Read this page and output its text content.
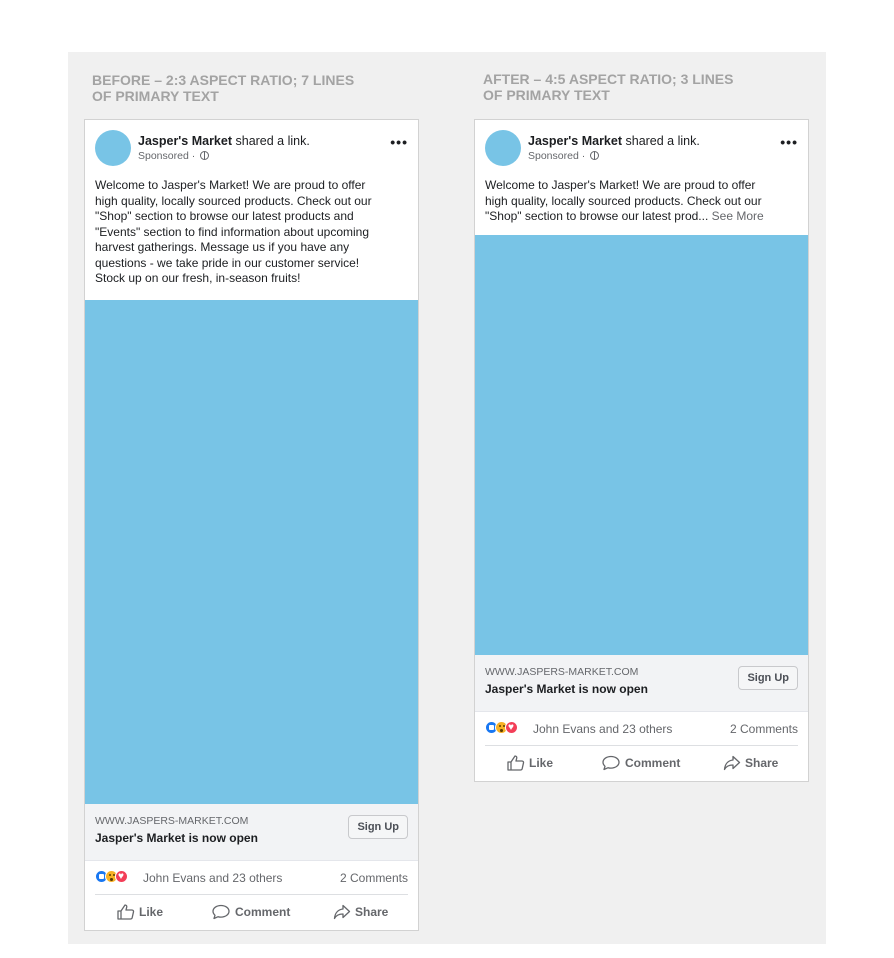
BEFORE – 2:3 ASPECT RATIO; 7 LINES
OF PRIMARY TEXT
AFTER – 4:5 ASPECT RATIO; 3 LINES
OF PRIMARY TEXT
Jasper's Market shared a link.
Sponsored ·
•••
Welcome to Jasper's Market! We are proud to offer
high quality, locally sourced products. Check out our
"Shop" section to browse our latest products and
"Events" section to find information about upcoming
harvest gatherings. Message us if you have any
questions - we take pride in our customer service!
Stock up on our fresh, in-season fruits!
WWW.JASPERS-MARKET.COM
Jasper's Market is now open
Sign Up
♥
John Evans and 23 others	2 Comments
Like	Comment	Share
Jasper's Market shared a link.
Sponsored ·
•••
Welcome to Jasper's Market! We are proud to offer
high quality, locally sourced products. Check out our
"Shop" section to browse our latest prod... See More
WWW.JASPERS-MARKET.COM
Jasper's Market is now open
Sign Up
♥
John Evans and 23 others	2 Comments
Like	Comment	Share
